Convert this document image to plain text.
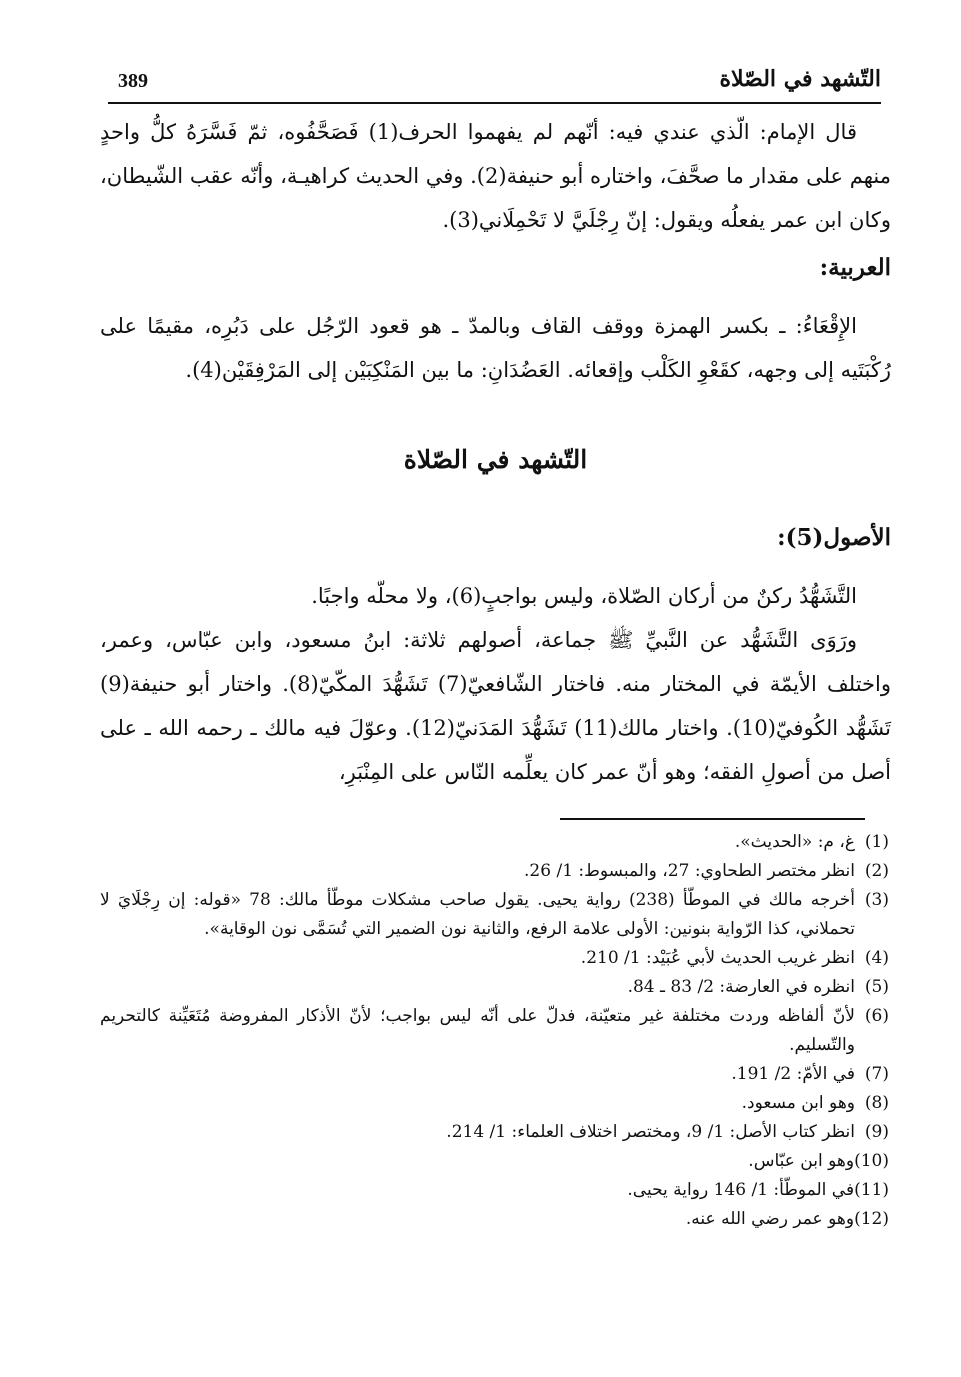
389	التّشهد في الصّلاة

قال الإمام: الّذي عندي فيه: أنّهم لم يفهموا الحرف(1) فَصَحَّفُوه، ثمّ فَسَّرَهُ كلُّ واحدٍ منهم على مقدار ما صحَّفَ، واختاره أبو حنيفة(2). وفي الحديث كراهيـة، وأنّه عقب الشّيطان، وكان ابن عمر يفعلُه ويقول: إنّ رِجْلَيَّ لا تَحْمِلَاني(3).

العربية:

الإِقْعَاءُ: ـ بكسر الهمزة ووقف القاف وبالمدّ ـ هو قعود الرّجُل على دَبُرِه، مقيمًا على رُكْبَتَيه إلى وجهه، كقَعْوِ الكَلْب وإقعائه. العَضُدَانِ: ما بين المَنْكِبَيْن إلى المَرْفِقَيْن(4).

التّشهد في الصّلاة

الأصول(5):

التَّشَهُّدُ ركنٌ من أركان الصّلاة، وليس بواجبٍ(6)، ولا محلّه واجبًا.

ورَوَى التَّشَهُّد عن النَّبيِّ ﷺ جماعة، أصولهم ثلاثة: ابنُ مسعود، وابن عبّاس، وعمر، واختلف الأيمّة في المختار منه. فاختار الشّافعيّ(7) تَشَهُّدَ المكّيّ(8). واختار أبو حنيفة(9) تَشَهُّد الكُوفيّ(10). واختار مالك(11) تَشَهُّدَ المَدَنيّ(12). وعوّلَ فيه مالك ـ رحمه الله ـ على أصل من أصولِ الفقه؛ وهو أنّ عمر كان يعلِّمه النّاس على المِنْبَرِ،

(1)
غ، م: «الحديث».
(2)
انظر مختصر الطحاوي: 27، والمبسوط: 1/ 26.
(3)
أخرجه مالك في الموطّأ (238) رواية يحيى. يقول صاحب مشكلات موطّأ مالك: 78 «قوله: إن رِجْلَايَ لا تحملاني، كذا الرّواية بنونين: الأولى علامة الرفع، والثانية نون الضمير التي تُسَمَّى نون الوقاية».
(4)
انظر غريب الحديث لأبي عُبَيْد: 1/ 210.
(5)
انظره في العارضة: 2/ 83 ـ 84.
(6)
لأنّ ألفاظه وردت مختلفة غير متعيّنة، فدلّ على أنّه ليس بواجب؛ لأنّ الأذكار المفروضة مُتَعَيِّنة كالتحريم والتّسليم.
(7)
في الأمّ: 2/ 191.
(8)
وهو ابن مسعود.
(9)
انظر كتاب الأصل: 1/ 9، ومختصر اختلاف العلماء: 1/ 214.
(10)
وهو ابن عبّاس.
(11)
في الموطّأ: 1/ 146 رواية يحيى.
(12)
وهو عمر رضي الله عنه.
